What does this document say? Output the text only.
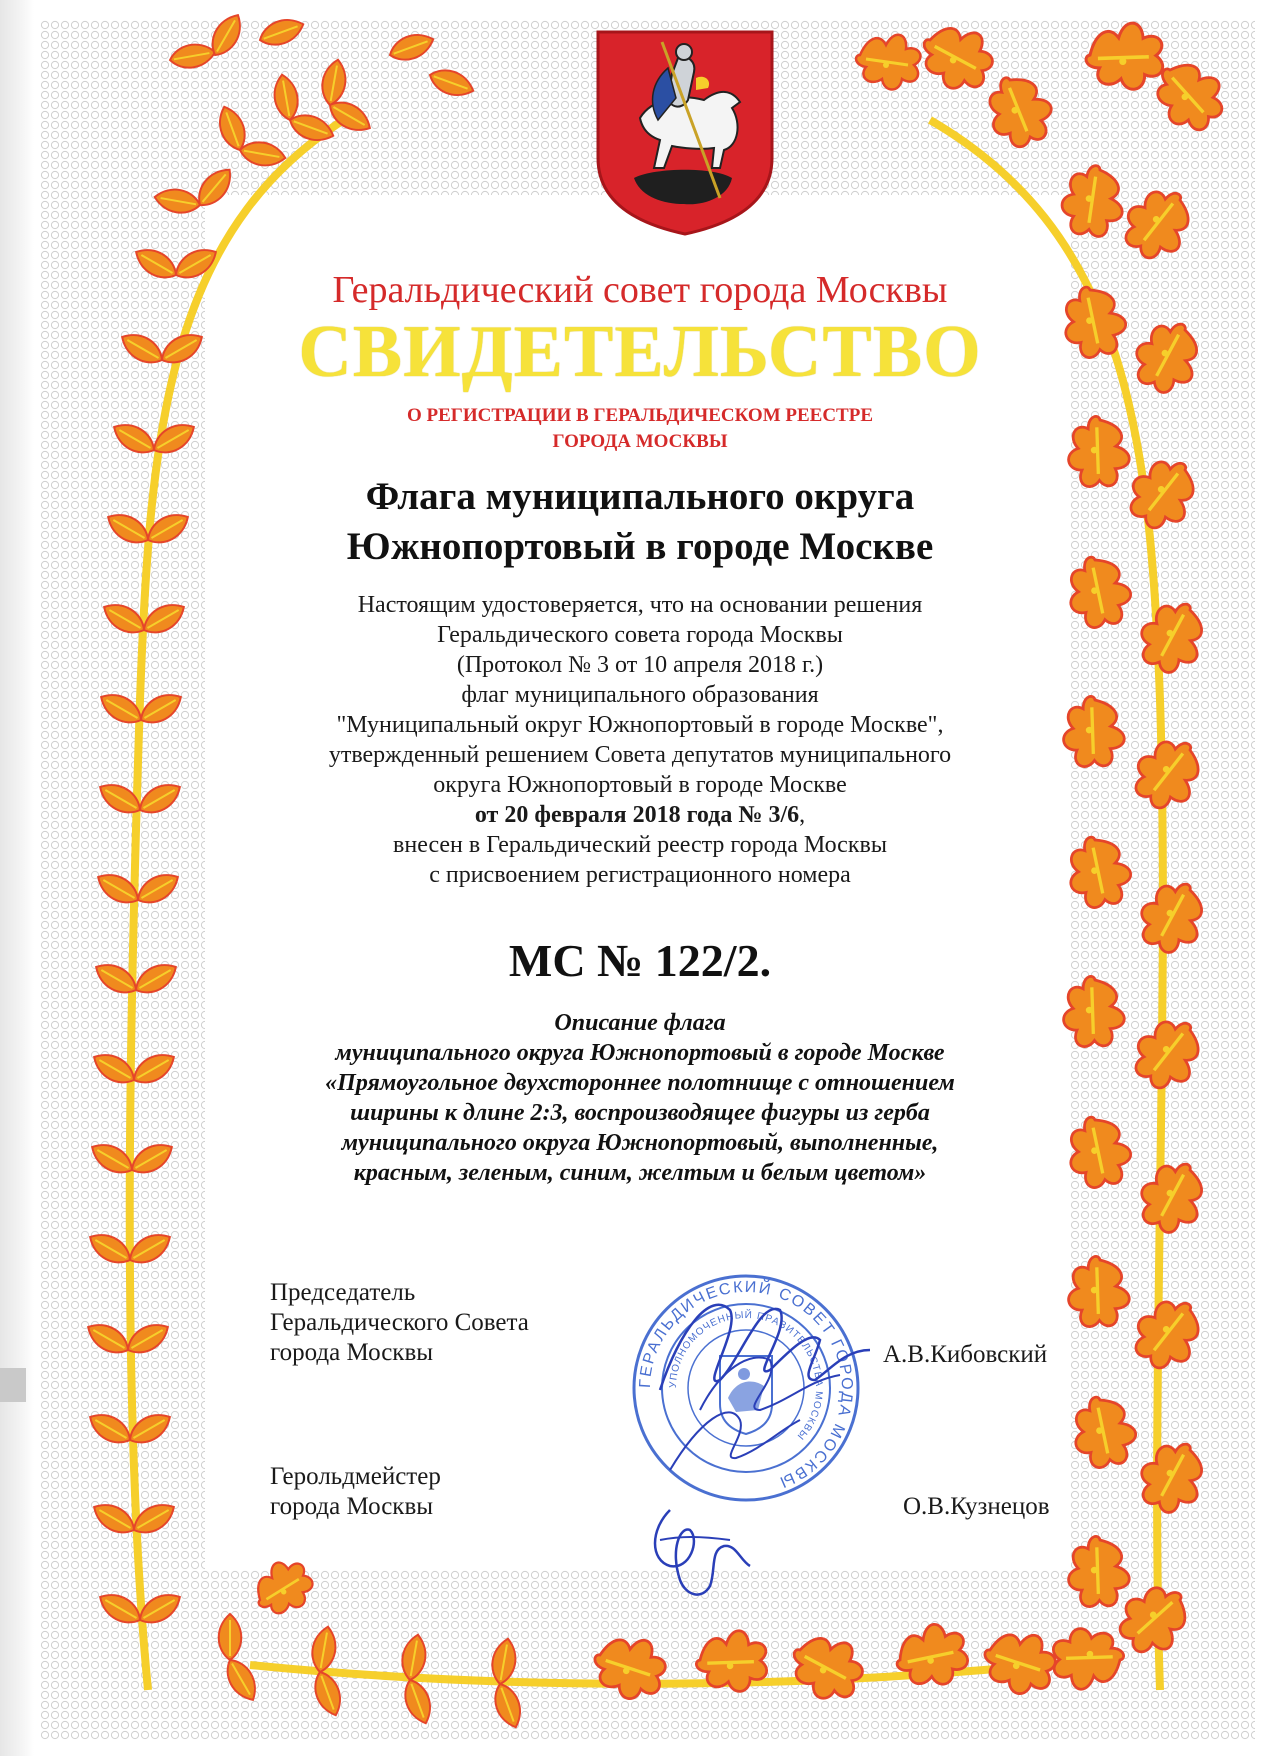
Геральдический совет города Москвы
СВИДЕТЕЛЬСТВО
О РЕГИСТРАЦИИ В ГЕРАЛЬДИЧЕСКОМ РЕЕСТРЕ
ГОРОДА МОСКВЫ
Флага муниципального округа
Южнопортовый в городе Москве
Настоящим удостоверяется, что на основании решения
Геральдического совета города Москвы
(Протокол № 3 от 10 апреля 2018 г.)
флаг муниципального образования
"Муниципальный округ Южнопортовый в городе Москве",
утвержденный решением Совета депутатов муниципального
округа Южнопортовый в городе Москве
от 20 февраля 2018 года № 3/6,
внесен в Геральдический реестр города Москвы
с присвоением регистрационного номера
МС № 122/2.
Описание флага
муниципального округа Южнопортовый в городе Москве
«Прямоугольное двухстороннее полотнище с отношением
ширины к длине 2:3, воспроизводящее фигуры из герба
муниципального округа Южнопортовый, выполненные,
красным, зеленым, синим, желтым и белым цветом»
Председатель
Геральдического Совета
города Москвы	А.В.Кибовский
Герольдмейстер
города Москвы	О.В.Кузнецов
ГЕРАЛЬДИЧЕСКИЙ СОВЕТ ГОРОДА МОСКВЫ
УПОЛНОМОЧЕННЫЙ ПРАВИТЕЛЬСТВА МОСКВЫ
